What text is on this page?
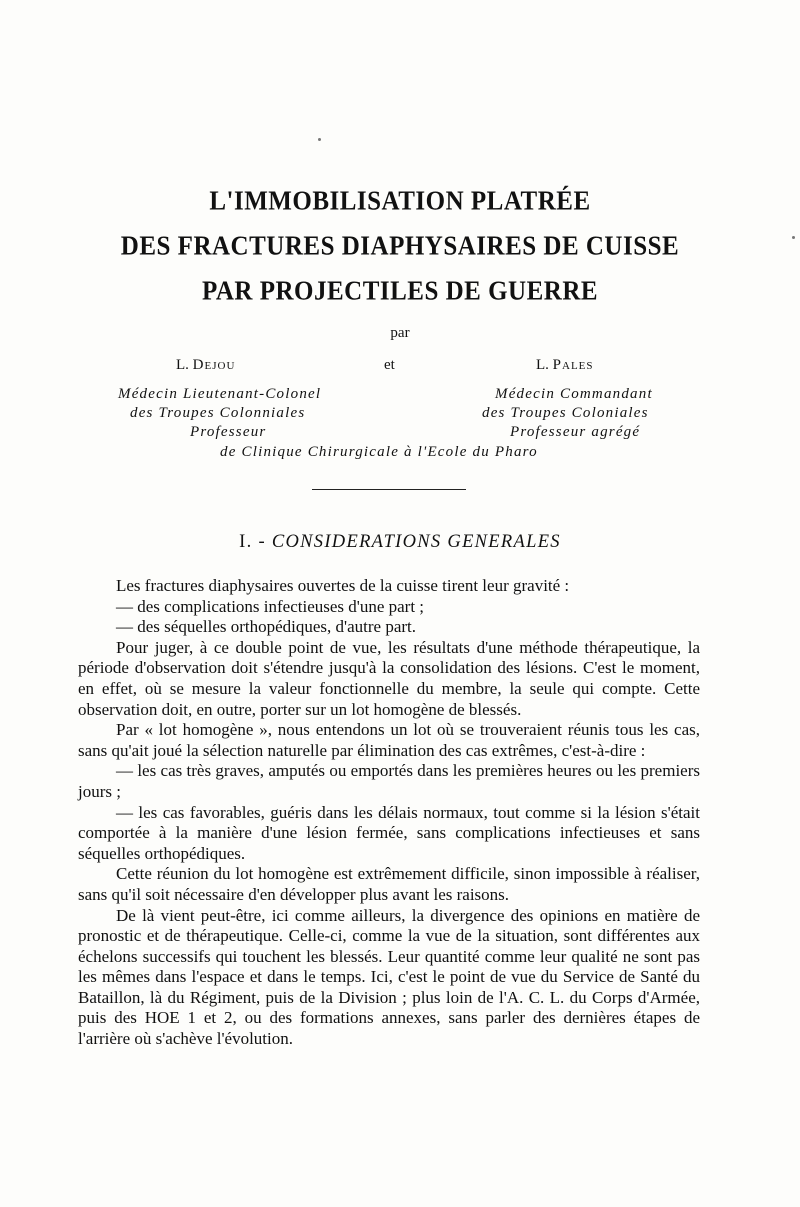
L'IMMOBILISATION PLATRÉE
DES FRACTURES DIAPHYSAIRES DE CUISSE
PAR PROJECTILES DE GUERRE
par
L. Dejou	et	L. Pales
Médecin Lieutenant-Colonel
des Troupes Colonniales
Professeur
Médecin Commandant
des Troupes Coloniales
Professeur agrégé
de Clinique Chirurgicale à l'Ecole du Pharo
I. - CONSIDERATIONS GENERALES

Les fractures diaphysaires ouvertes de la cuisse tirent leur gravité :

— des complications infectieuses d'une part ;

— des séquelles orthopédiques, d'autre part.

Pour juger, à ce double point de vue, les résultats d'une méthode thérapeutique, la période d'observation doit s'étendre jusqu'à la consolidation des lésions. C'est le moment, en effet, où se mesure la valeur fonctionnelle du membre, la seule qui compte. Cette observation doit, en outre, porter sur un lot homogène de blessés.

Par « lot homogène », nous entendons un lot où se trouveraient réunis tous les cas, sans qu'ait joué la sélection naturelle par élimination des cas extrêmes, c'est-à-dire :

— les cas très graves, amputés ou emportés dans les premières heures ou les premiers jours ;

— les cas favorables, guéris dans les délais normaux, tout comme si la lésion s'était comportée à la manière d'une lésion fermée, sans complications infectieuses et sans séquelles orthopédiques.

Cette réunion du lot homogène est extrêmement difficile, sinon impossible à réaliser, sans qu'il soit nécessaire d'en développer plus avant les raisons.

De là vient peut-être, ici comme ailleurs, la divergence des opinions en matière de pronostic et de thérapeutique. Celle-ci, comme la vue de la situation, sont différentes aux échelons successifs qui touchent les blessés. Leur quantité comme leur qualité ne sont pas les mêmes dans l'espace et dans le temps. Ici, c'est le point de vue du Service de Santé du Bataillon, là du Régiment, puis de la Division ; plus loin de l'A. C. L. du Corps d'Armée, puis des HOE 1 et 2, ou des formations annexes, sans parler des dernières étapes de l'arrière où s'achève l'évolution.
